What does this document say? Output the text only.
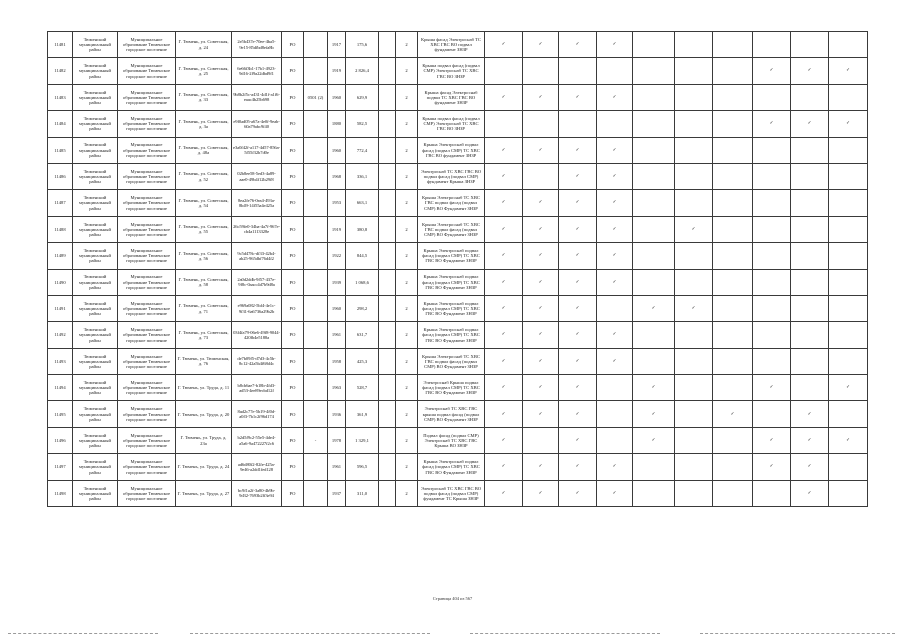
11481	Тюменский муниципальный район	Муниципальное образование Тюменское городское поселение	Г. Тюмень, ул. Советская, д. 24	2e5b437e-70ee-4ba5-9e15-85dfbd8efa8b	РО		1917	175,6		2	Крыша фасад Электроснаб ТС ХВС ГВС ВО подвал фундамент ЗНЗР	✓	✓	✓	✓						
11482	Тюменский муниципальный район	Муниципальное образование Тюменское городское поселение	Г. Тюмень, ул. Советская, д. 25	6e66f3b1-17b1-4923-9d16-2f9a22dbd9f1	РО		1919	2 826,4		2	Крыша подвал фасад (подвал СМР) Электроснаб ТС ХВС ГВС ВО ЗНЗР								✓	✓	✓
11483	Тюменский муниципальный район	Муниципальное образование Тюменское городское поселение	Г. Тюмень, ул. Советская, д. 33	9b8b2f5c-a431-4d1f-a1f6-eaac4b25b698	РО	0501 (2)	1960	629,9		2	Крыша фасад Электроснаб подвал ТС ХВС ГВС ВО фундамент ЗНЗР	✓	✓	✓	✓						
11484	Тюменский муниципальный район	Муниципальное образование Тюменское городское поселение	Г. Тюмень, ул. Советская, д. 3а	e9f0ad05-a67a-4e0f-9eab-60a79abc9f40	РО		1880	582,5		2	Крыша подвал фасад (подвал СМР) Электроснаб ТС ХВС ГВС ВО ЗНЗР								✓	✓	✓
11485	Тюменский муниципальный район	Муниципальное образование Тюменское городское поселение	Г. Тюмень, ул. Советская, д. 48а	e3a0f42f-a117-4d57-856a-5f55f32b7d0e	РО		1960	772,4		2	Крыша Электроснаб подвал фасад (подвал СМР) ТС ХВС ГВС ВО фундамент ЗНЗР	✓	✓	✓	✓						
11486	Тюменский муниципальный район	Муниципальное образование Тюменское городское поселение	Г. Тюмень, ул. Советская, д. 52	02b8ee58-5ed3-4a89-aae0-49b4f12b29f8	РО		1968	336,1		2	Электроснаб ТС ХВС ГВС ВО подвал фасад (подвал СМР) фундамент Крыша ЗНЗР	✓		✓	✓						
11487	Тюменский муниципальный район	Муниципальное образование Тюменское городское поселение	Г. Тюмень, ул. Советская, д. 54	8ea2fe76-0ea4-493a-8b49-14f55a4e425a	РО		1953	663,1		2	Крыша Электроснаб ТС ХВС ГВС подвал фасад (подвал СМР) ВО Фундамент ЗНЗР	✓	✓	✓	✓						
11488	Тюменский муниципальный район	Муниципальное образование Тюменское городское поселение	Г. Тюмень, ул. Советская, д. 55	26c59fe0-34ba-4a7f-967e-cb4a1113328e	РО		1919	380,8		2	Крыша Электроснаб ТС ХВС ГВС подвал фасад (подвал СМР) ВО Фундамент ЗНЗР	✓	✓	✓	✓		✓				
11489	Тюменский муниципальный район	Муниципальное образование Тюменское городское поселение	Г. Тюмень, ул. Советская, д. 56	9c5d478c-df33-42b4-ab25-965dbf76d4f2	РО		1922	844,5		2	Крыша Электроснаб подвал фасад (подвал СМР) ТС ХВС ГВС ВО Фундамент ЗНЗР	✓	✓	✓	✓						
11490	Тюменский муниципальный район	Муниципальное образование Тюменское городское поселение	Г. Тюмень, ул. Советская, д. 58	2a0d2ddb-9f57-437e-9f8c-0aacc4d7b9d8a	РО		1939	1 068,6		2	Крыша Электроснаб подвал фасад (подвал СМР) ТС ХВС ГВС ВО Фундамент ЗНЗР	✓	✓	✓	✓						
11491	Тюменский муниципальный район	Муниципальное образование Тюменское городское поселение	Г. Тюмень, ул. Советская, д. 71	e969a082-5bf4-4e1c-9f31-6a6736a29b2b	РО		1960	298,2		2	Крыша Электроснаб подвал фасад (подвал СМР) ТС ХВС ГВС ВО Фундамент ЗНЗР	✓	✓	✓		✓	✓				
11492	Тюменский муниципальный район	Муниципальное образование Тюменское городское поселение	Г. Тюмень, ул. Советская, д. 73	03f4fa79-06e6-49f8-9044-420fb4e5188a	РО		1961	631,7		2	Крыша Электроснаб подвал фасад (подвал СМР) ТС ХВС ГВС ВО Фундамент ЗНЗР	✓	✓	✓	✓						
11493	Тюменский муниципальный район	Муниципальное образование Тюменское городское поселение	Г. Тюмень, ул. Тюменская, д. 76	de7b09f5-d7d3-4c5b-8c12-42a5b4f68d4c	РО		1958	425,3		2	Крыша Электроснаб ТС ХВС ГВС подвал фасад (подвал СМР) ВО Фундамент ЗНЗР	✓	✓	✓	✓						
11494	Тюменский муниципальный район	Муниципальное образование Тюменское городское поселение	Г. Тюмень, ул. Труда, д. 11	b8cb6ae7-b18b-4fd3-ad53-4ee89ecbd12f	РО		1963	528,7		2	Электроснаб Крыша подвал фасад (подвал СМР) ТС ХВС ГВС ВО Фундамент ЗНЗР	✓	✓	✓		✓			✓		✓
11495	Тюменский муниципальный район	Муниципальное образование Тюменское городское поселение	Г. Тюмень, ул. Труда, д. 20	8ad2c77e-5b19-4f0d-a0f3-7b1c2f96d174	РО		1936	361,9		2	Электроснаб ТС ХВС ГВС крыша подвал фасад (подвал СМР) ВО Фундамент ЗНЗР	✓	✓	✓		✓		✓		✓	
11496	Тюменский муниципальный район	Муниципальное образование Тюменское городское поселение	Г. Тюмень, ул. Труда, д. 23а	b2d5f9c2-55e5-4de4-a5a6-9a472227f2c6	РО	-	1978	1 329,1		2	Подвал фасад (подвал СМР) Электроснаб ТС ХВС ГВС Крыша ВО ЗНЗР	✓		✓		✓			✓	✓	✓
11497	Тюменский муниципальный район	Муниципальное образование Тюменское городское поселение	Г. Тюмень, ул. Труда, д. 24	ad6d80f2-82fe-425a-9e46-a2dd1fed128	РО		1961	596,5		2	Крыша Электроснаб подвал фасад (подвал СМР) ТС ХВС ГВС ВО Фундамент ЗНЗР	✓	✓	✓	✓				✓	✓	
11498	Тюменский муниципальный район	Муниципальное образование Тюменское городское поселение	Г. Тюмень, ул. Труда, д. 27	bc9f1a2f-3a80-4b9b-9d32-7693b2ff3e94	РО		1937	311,0		2	Электроснаб ТС ХВС ГВС ВО подвал фасад (подвал СМР) фундамент ТС Крыша ЗНЗР	✓	✓	✓	✓					✓	
Страница 404 из 567
